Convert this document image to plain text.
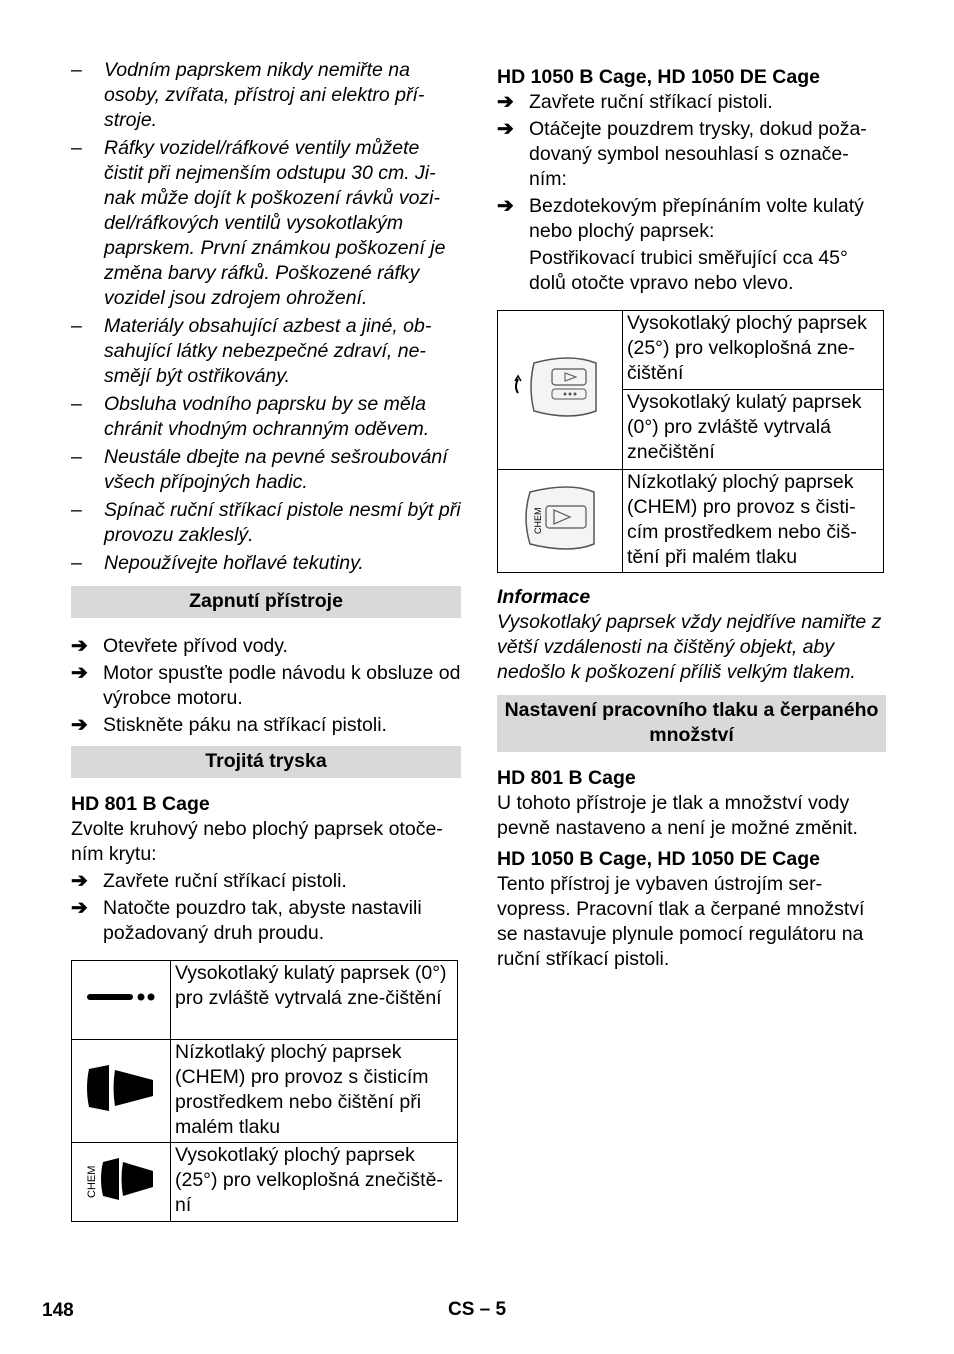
– Vodním paprskem nikdy nemiřte na osoby, zvířata, přístroj ani elektro pří-stroje.
– Ráfky vozidel/ráfkové ventily můžete čistit při nejmenším odstupu 30 cm. Ji-nak může dojít k poškození rávků vozi-del/ráfkových ventilů vysokotlakým paprskem. První známkou poškození je změna barvy ráfků. Poškozené ráfky vozidel jsou zdrojem ohrožení.
– Materiály obsahující azbest a jiné, ob-sahující látky nebezpečné zdraví, ne-smějí být ostřikovány.
– Obsluha vodního paprsku by se měla chránit vhodným ochranným oděvem.
– Neustále dbejte na pevné sešroubování všech přípojných hadic.
– Spínač ruční stříkací pistole nesmí být při provozu zakleslý.
– Nepoužívejte hořlavé tekutiny.
Zapnutí přístroje
➔ Otevřete přívod vody.
➔ Motor spusťte podle návodu k obsluze od výrobce motoru.
➔ Stiskněte páku na stříkací pistoli.
Trojitá tryska
HD 801 B Cage
Zvolte kruhový nebo plochý paprsek otoče-ním krytu:
➔ Zavřete ruční stříkací pistoli.
➔ Natočte pouzdro tak, abyste nastavili požadovaný druh proudu.
	Vysokotlaký kulatý paprsek (0°) pro zvláště vytrvalá zne-čištění
	Nízkotlaký plochý paprsek (CHEM) pro provoz s čisticím prostředkem nebo čištění při malém tlaku

CHEM	Vysokotlaký plochý paprsek (25°) pro velkoplošná znečiště-ní
HD 1050 B Cage, HD 1050 DE Cage
➔ Zavřete ruční stříkací pistoli.
➔ Otáčejte pouzdrem trysky, dokud poža-dovaný symbol nesouhlasí s označe-ním:
➔ Bezdotekovým přepínáním volte kulatý nebo plochý paprsek:
Postřikovací trubici směřující cca 45° dolů otočte vpravo nebo vlevo.
	Vysokotlaký plochý paprsek (25°) pro velkoplošná zne-čištění
	Vysokotlaký kulatý paprsek (0°) pro zvláště vytrvalá znečištění

CHEM	Nízkotlaký plochý paprsek (CHEM) pro provoz s čisti-cím prostředkem nebo čiš-tění při malém tlaku
Informace
Vysokotlaký paprsek vždy nejdříve namiřte z větší vzdálenosti na čištěný objekt, aby nedošlo k poškození příliš velkým tlakem.
Nastavení pracovního tlaku a čerpaného množství
HD 801 B Cage
U tohoto přístroje je tlak a množství vody pevně nastaveno a není je možné změnit.
HD 1050 B Cage, HD 1050 DE Cage
Tento přístroj je vybaven ústrojím ser-vopress. Pracovní tlak a čerpané množství se nastavuje plynule pomocí regulátoru na ruční stříkací pistoli.
148	CS – 5
